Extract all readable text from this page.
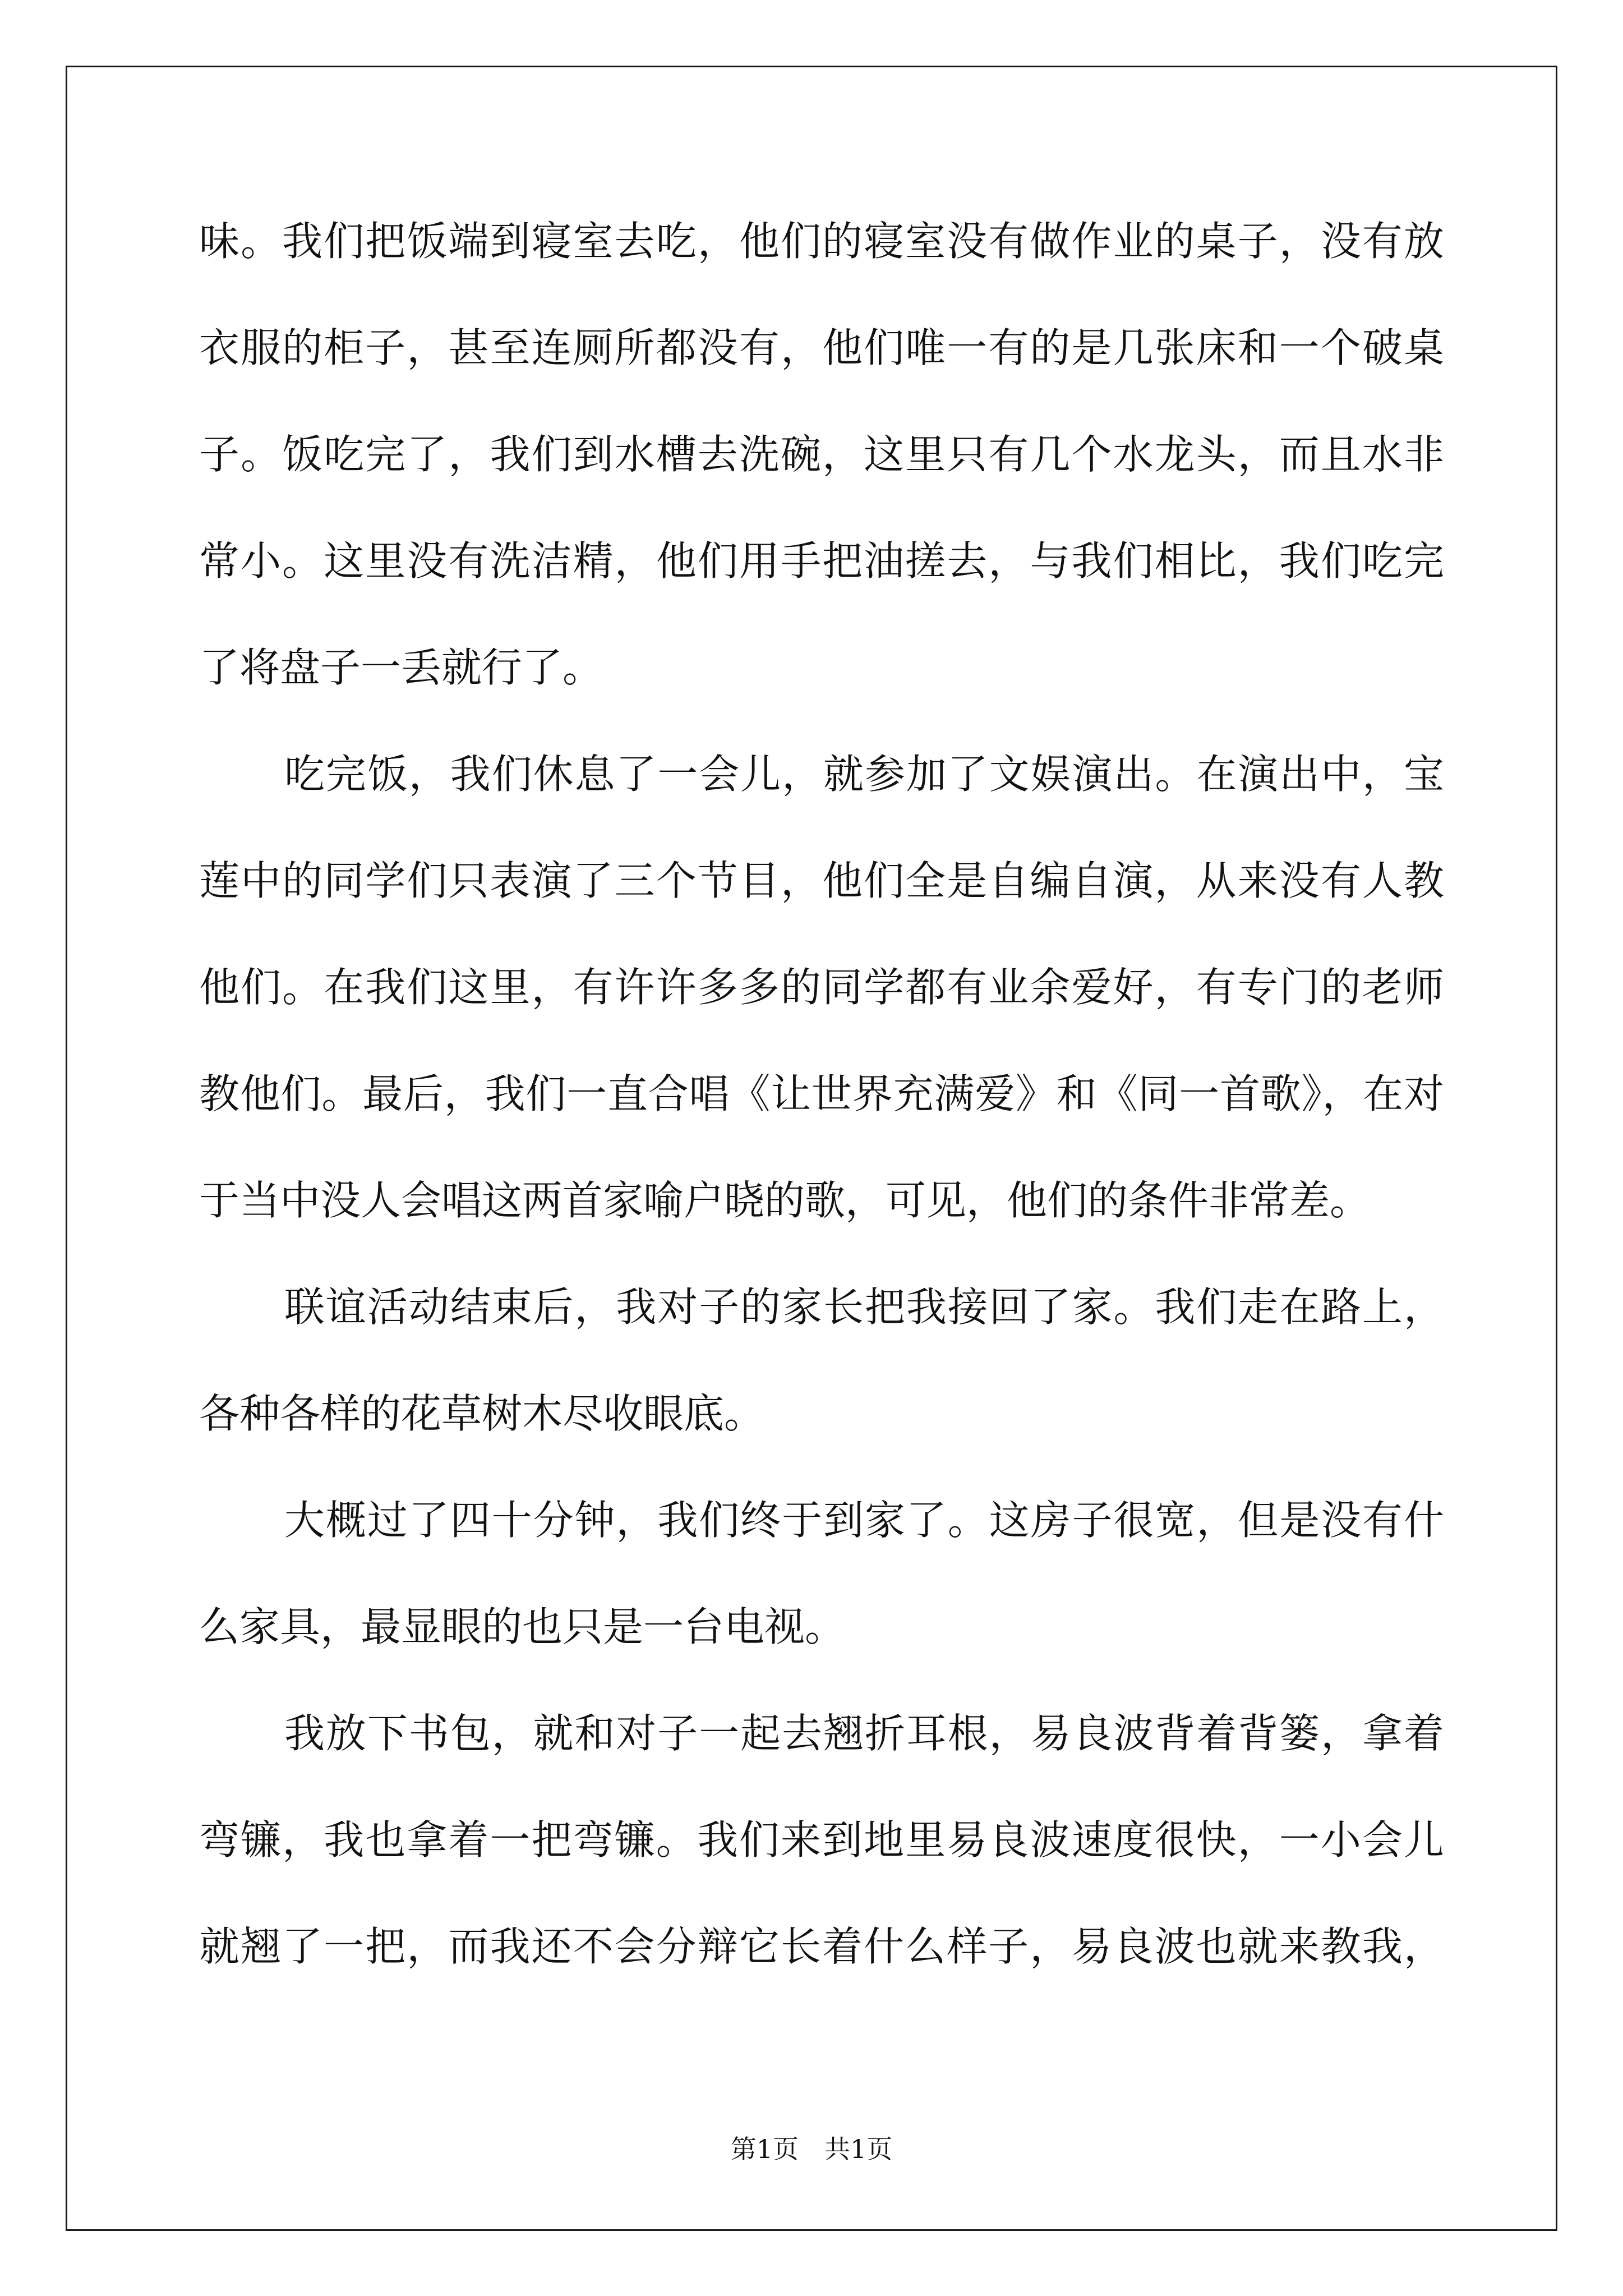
味。我们把饭端到寝室去吃，他们的寝室没有做作业的桌子，没有放
衣服的柜子，甚至连厕所都没有，他们唯一有的是几张床和一个破桌
子。饭吃完了，我们到水槽去洗碗，这里只有几个水龙头，而且水非
常小。这里没有洗洁精，他们用手把油搓去，与我们相比，我们吃完
了将盘子一丢就行了。
吃完饭，我们休息了一会儿，就参加了文娱演出。在演出中，宝
莲中的同学们只表演了三个节目，他们全是自编自演，从来没有人教
他们。在我们这里，有许许多多的同学都有业余爱好，有专门的老师
教他们。最后，我们一直合唱《让世界充满爱》和《同一首歌》，在对
于当中没人会唱这两首家喻户晓的歌，可见，他们的条件非常差。
联谊活动结束后，我对子的家长把我接回了家。我们走在路上，
各种各样的花草树木尽收眼底。
大概过了四十分钟，我们终于到家了。这房子很宽，但是没有什
么家具，最显眼的也只是一台电视。
我放下书包，就和对子一起去翘折耳根，易良波背着背篓，拿着
弯镰，我也拿着一把弯镰。我们来到地里易良波速度很快，一小会儿
就翘了一把，而我还不会分辩它长着什么样子，易良波也就来教我，
第1页　共1页
